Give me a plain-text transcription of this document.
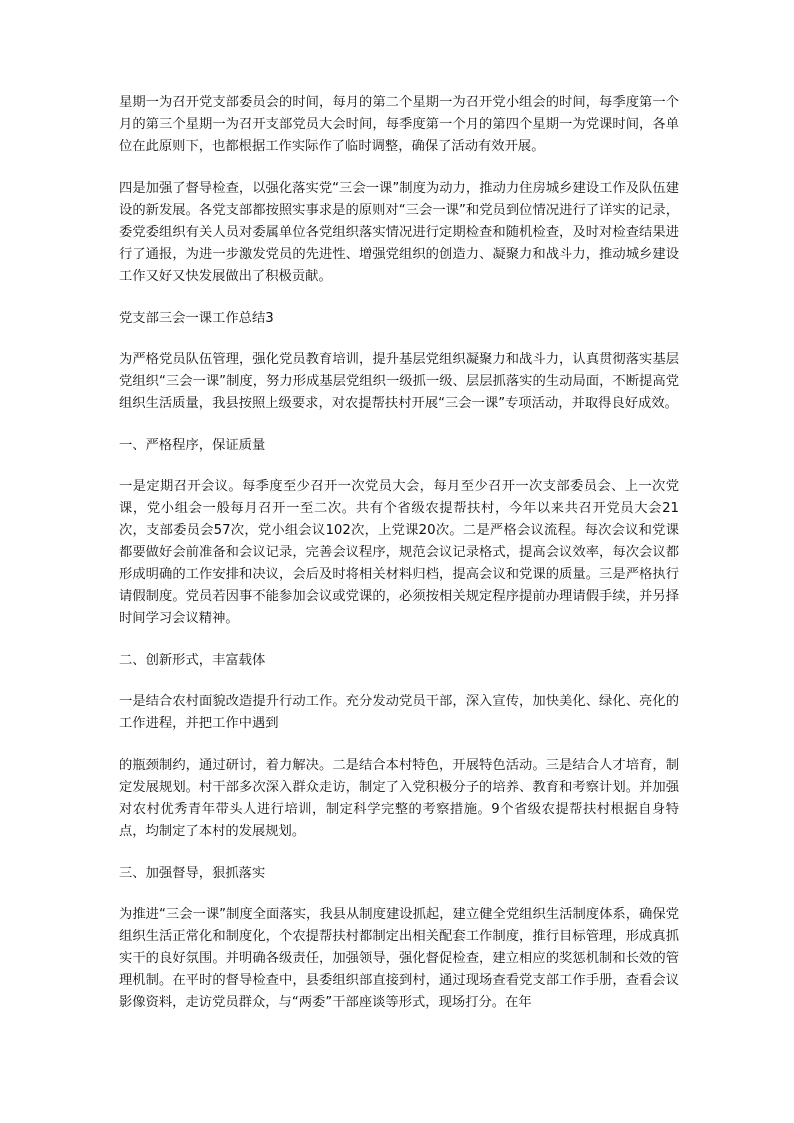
星期一为召开党支部委员会的时间，每月的第二个星期一为召开党小组会的时间，每季度第一个月的第三个星期一为召开支部党员大会时间，每季度第一个月的第四个星期一为党课时间，各单位在此原则下，也都根据工作实际作了临时调整，确保了活动有效开展。

四是加强了督导检查，以强化落实党“三会一课”制度为动力，推动力住房城乡建设工作及队伍建设的新发展。各党支部都按照实事求是的原则对“三会一课”和党员到位情况进行了详实的记录，委党委组织有关人员对委属单位各党组织落实情况进行定期检查和随机检查，及时对检查结果进行了通报，为进一步激发党员的先进性、增强党组织的创造力、凝聚力和战斗力，推动城乡建设工作又好又快发展做出了积极贡献。

党支部三会一课工作总结3

为严格党员队伍管理，强化党员教育培训，提升基层党组织凝聚力和战斗力，认真贯彻落实基层党组织“三会一课”制度，努力形成基层党组织一级抓一级、层层抓落实的生动局面，不断提高党组织生活质量，我县按照上级要求，对农提帮扶村开展“三会一课”专项活动，并取得良好成效。

一、严格程序，保证质量

一是定期召开会议。每季度至少召开一次党员大会，每月至少召开一次支部委员会、上一次党课，党小组会一般每月召开一至二次。共有个省级农提帮扶村，今年以来共召开党员大会21次，支部委员会57次，党小组会议102次，上党课20次。二是严格会议流程。每次会议和党课都要做好会前准备和会议记录，完善会议程序，规范会议记录格式，提高会议效率，每次会议都形成明确的工作安排和决议，会后及时将相关材料归档，提高会议和党课的质量。三是严格执行请假制度。党员若因事不能参加会议或党课的，必须按相关规定程序提前办理请假手续，并另择时间学习会议精神。

二、创新形式，丰富载体

一是结合农村面貌改造提升行动工作。充分发动党员干部，深入宣传，加快美化、绿化、亮化的工作进程，并把工作中遇到

的瓶颈制约，通过研讨，着力解决。二是结合本村特色，开展特色活动。三是结合人才培育，制定发展规划。村干部多次深入群众走访，制定了入党积极分子的培养、教育和考察计划。并加强对农村优秀青年带头人进行培训，制定科学完整的考察措施。9个省级农提帮扶村根据自身特点，均制定了本村的发展规划。

三、加强督导，狠抓落实

为推进“三会一课”制度全面落实，我县从制度建设抓起，建立健全党组织生活制度体系，确保党组织生活正常化和制度化，个农提帮扶村都制定出相关配套工作制度，推行目标管理，形成真抓实干的良好氛围。并明确各级责任，加强领导，强化督促检查，建立相应的奖惩机制和长效的管理机制。在平时的督导检查中，县委组织部直接到村，通过现场查看党支部工作手册，查看会议影像资料，走访党员群众，与“两委”干部座谈等形式，现场打分。在年
